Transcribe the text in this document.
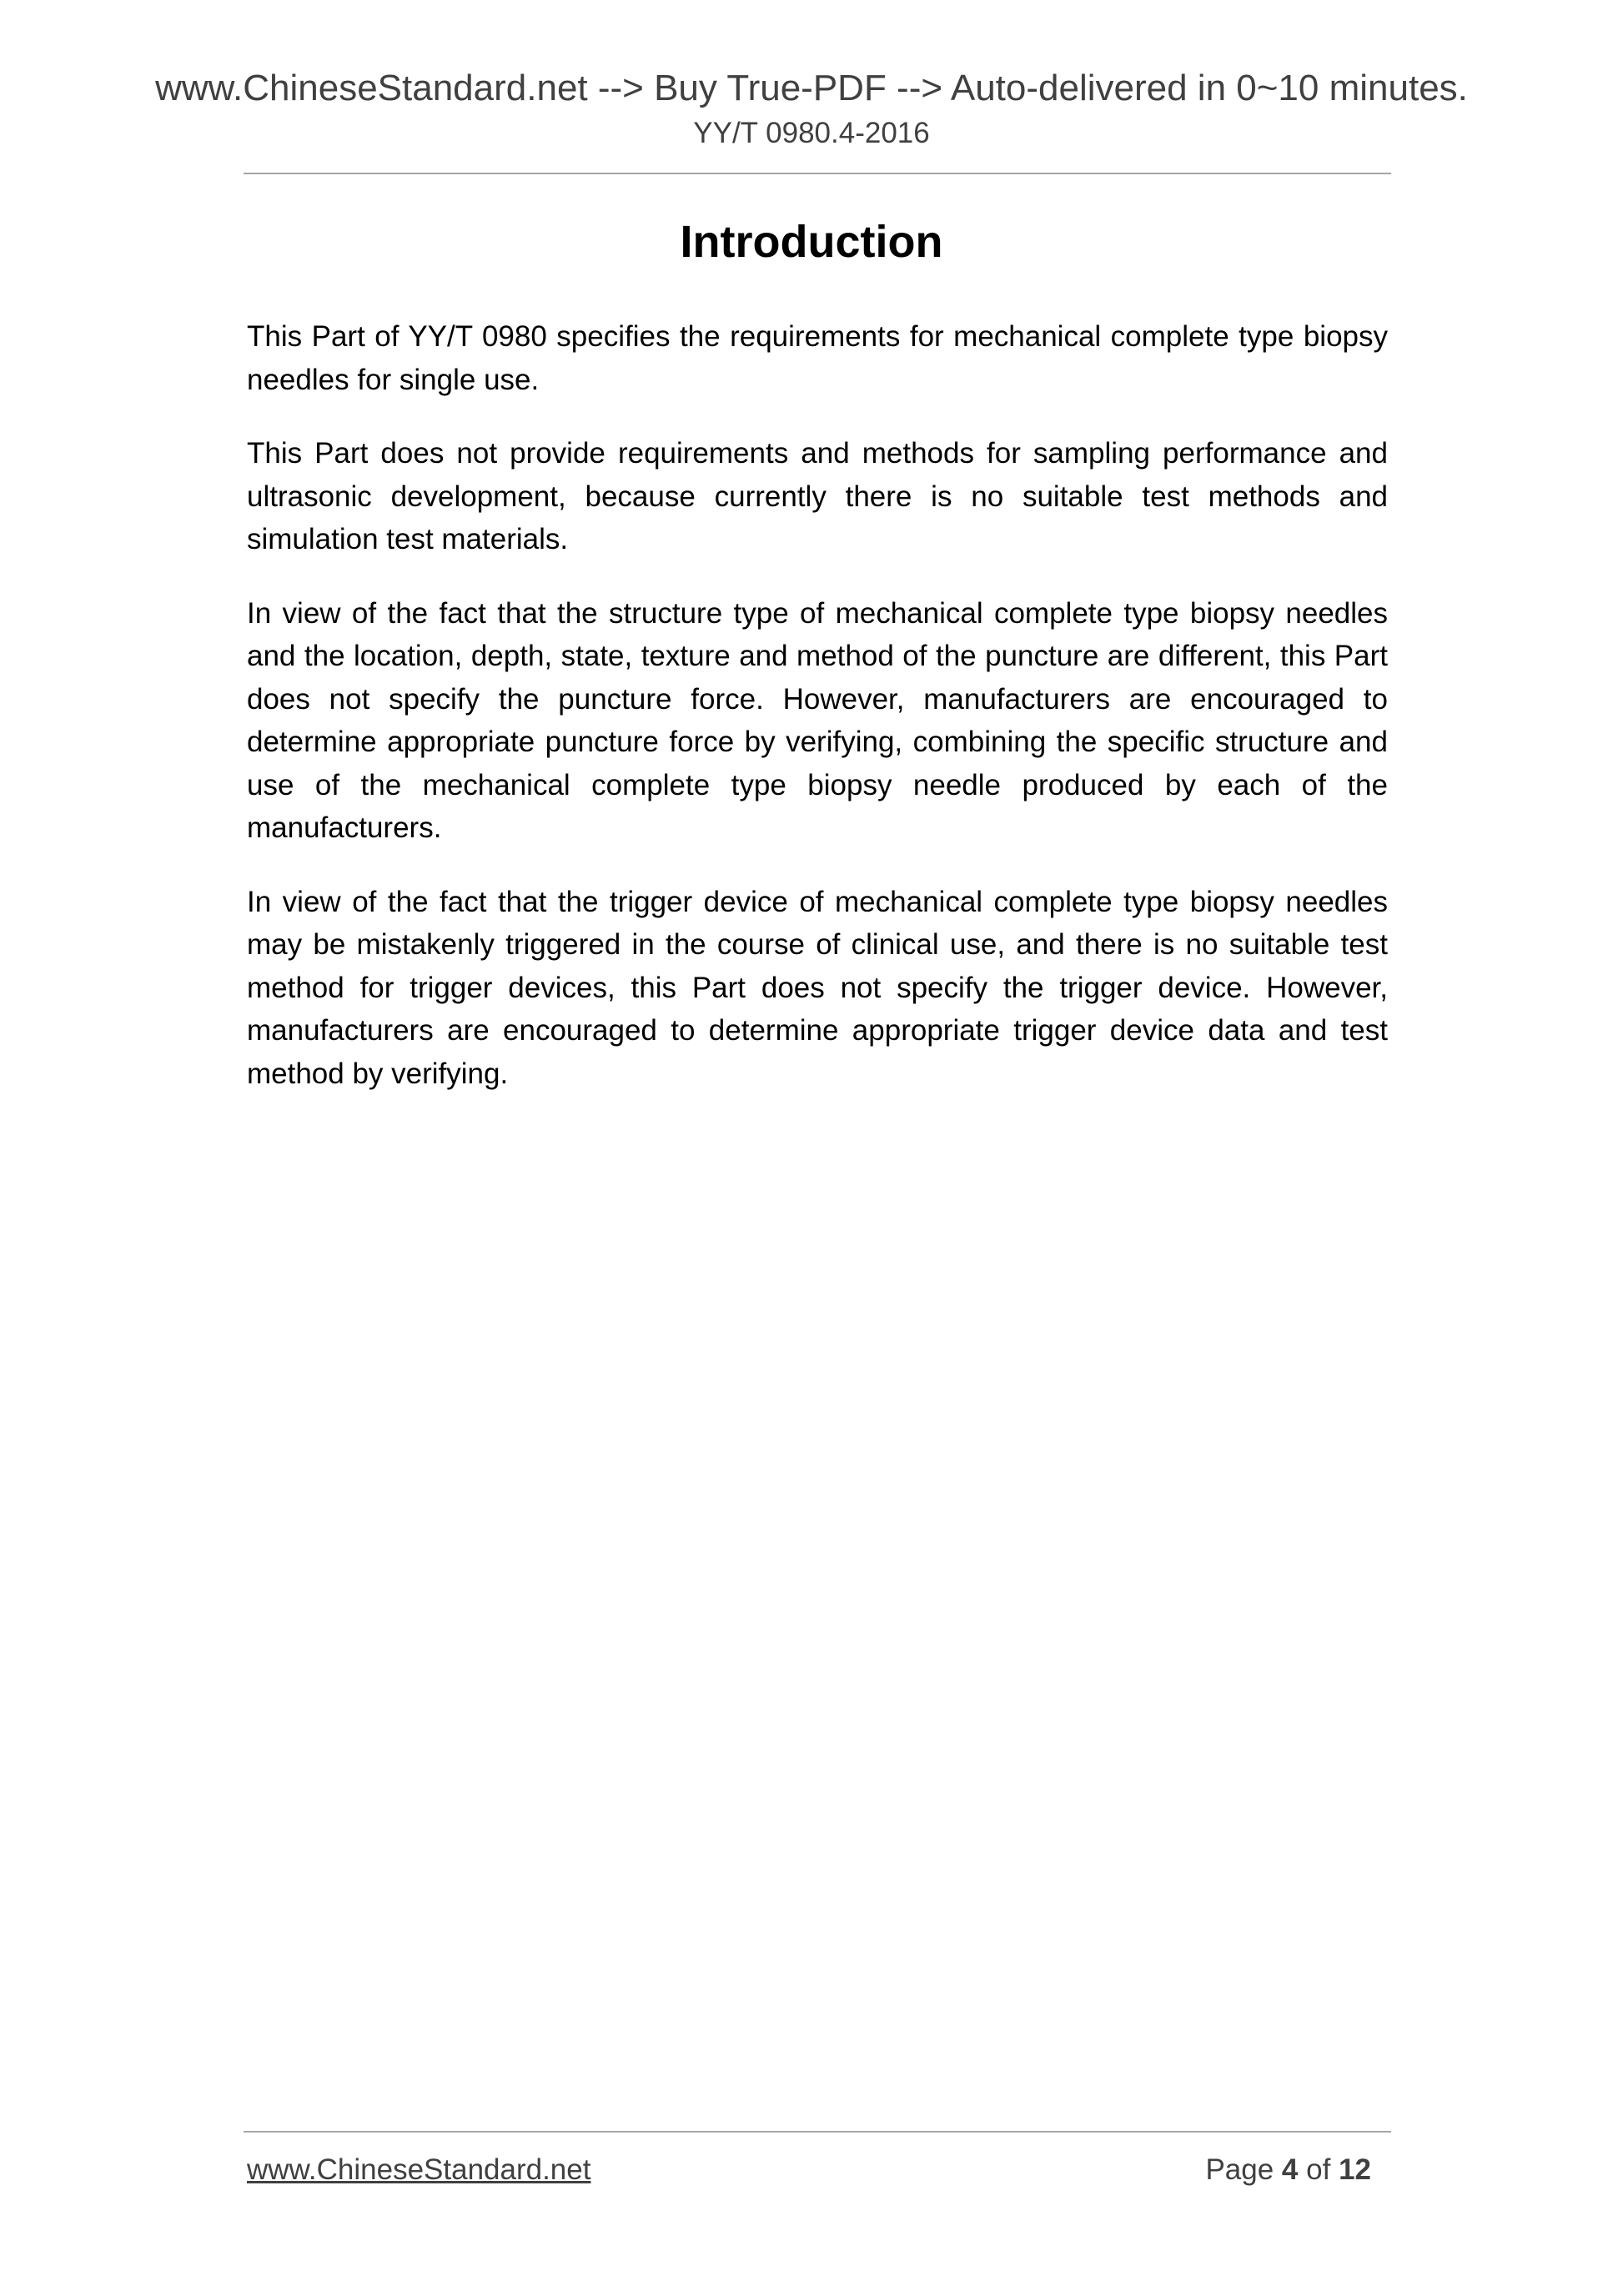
www.ChineseStandard.net --> Buy True-PDF --> Auto-delivered in 0~10 minutes.
YY/T 0980.4-2016
Introduction

This Part of YY/T 0980 specifies the requirements for mechanical complete type biopsy needles for single use.

This Part does not provide requirements and methods for sampling performance and ultrasonic development, because currently there is no suitable test methods and simulation test materials.

In view of the fact that the structure type of mechanical complete type biopsy needles and the location, depth, state, texture and method of the puncture are different, this Part does not specify the puncture force. However, manufacturers are encouraged to determine appropriate puncture force by verifying, combining the specific structure and use of the mechanical complete type biopsy needle produced by each of the manufacturers.

In view of the fact that the trigger device of mechanical complete type biopsy needles may be mistakenly triggered in the course of clinical use, and there is no suitable test method for trigger devices, this Part does not specify the trigger device. However, manufacturers are encouraged to determine appropriate trigger device data and test method by verifying.

www.ChineseStandard.net	Page 4 of 12
